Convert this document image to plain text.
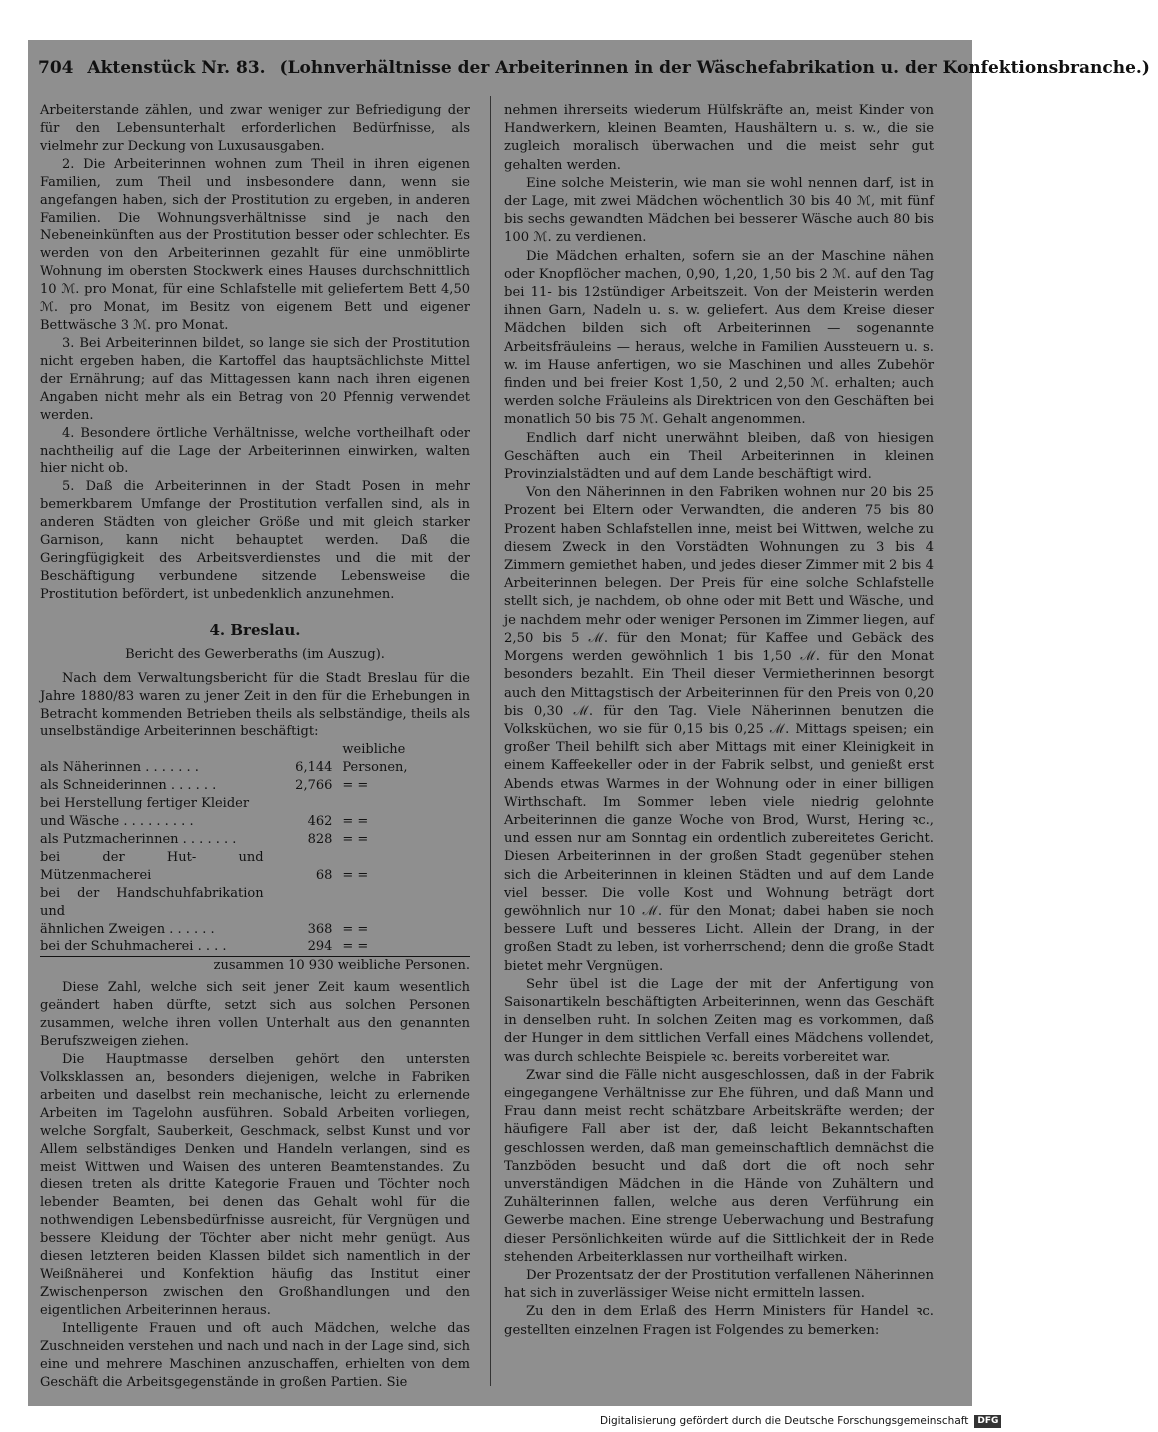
704 Aktenstück Nr. 83. (Lohnverhältnisse der Arbeiterinnen in der Wäschefabrikation u. der Konfektionsbranche.)

Arbeiterstande zählen, und zwar weniger zur Befriedigung der für den Lebensunterhalt erforderlichen Bedürfnisse, als vielmehr zur Deckung von Luxusausgaben.

2. Die Arbeiterinnen wohnen zum Theil in ihren eigenen Familien, zum Theil und insbesondere dann, wenn sie angefangen haben, sich der Prostitution zu ergeben, in anderen Familien. Die Wohnungsverhältnisse sind je nach den Nebeneinkünften aus der Prostitution besser oder schlechter. Es werden von den Arbeiterinnen gezahlt für eine unmöblirte Wohnung im obersten Stockwerk eines Hauses durchschnittlich 10 ℳ. pro Monat, für eine Schlafstelle mit geliefertem Bett 4,50 ℳ. pro Monat, im Besitz von eigenem Bett und eigener Bettwäsche 3 ℳ. pro Monat.

3. Bei Arbeiterinnen bildet, so lange sie sich der Prostitution nicht ergeben haben, die Kartoffel das hauptsächlichste Mittel der Ernährung; auf das Mittagessen kann nach ihren eigenen Angaben nicht mehr als ein Betrag von 20 Pfennig verwendet werden.

4. Besondere örtliche Verhältnisse, welche vortheilhaft oder nachtheilig auf die Lage der Arbeiterinnen einwirken, walten hier nicht ob.

5. Daß die Arbeiterinnen in der Stadt Posen in mehr bemerkbarem Umfange der Prostitution verfallen sind, als in anderen Städten von gleicher Größe und mit gleich starker Garnison, kann nicht behauptet werden. Daß die Geringfügigkeit des Arbeitsverdienstes und die mit der Beschäftigung verbundene sitzende Lebensweise die Prostitution befördert, ist unbedenklich anzunehmen.

4. Breslau.
Bericht des Gewerberaths (im Auszug).

Nach dem Verwaltungsbericht für die Stadt Breslau für die Jahre 1880/83 waren zu jener Zeit in den für die Erhebungen in Betracht kommenden Betrieben theils als selbständige, theils als unselbständige Arbeiterinnen beschäftigt:

als Näherinnen . . . . . . .	6,144	weibliche Personen,
als Schneiderinnen . . . . . .	2,766	= =
bei Herstellung fertiger Kleider		
und Wäsche . . . . . . . . .	462	= =
als Putzmacherinnen . . . . . . .	828	= =
bei der Hut- und Mützenmacherei	68	= =
bei der Handschuhfabrikation und		
ähnlichen Zweigen . . . . . .	368	= =
bei der Schuhmacherei . . . .	294	= =
zusammen 10 930 weibliche Personen.

Diese Zahl, welche sich seit jener Zeit kaum wesentlich geändert haben dürfte, setzt sich aus solchen Personen zusammen, welche ihren vollen Unterhalt aus den genannten Berufszweigen ziehen.

Die Hauptmasse derselben gehört den untersten Volksklassen an, besonders diejenigen, welche in Fabriken arbeiten und daselbst rein mechanische, leicht zu erlernende Arbeiten im Tagelohn ausführen. Sobald Arbeiten vorliegen, welche Sorgfalt, Sauberkeit, Geschmack, selbst Kunst und vor Allem selbständiges Denken und Handeln verlangen, sind es meist Wittwen und Waisen des unteren Beamtenstandes. Zu diesen treten als dritte Kategorie Frauen und Töchter noch lebender Beamten, bei denen das Gehalt wohl für die nothwendigen Lebensbedürfnisse ausreicht, für Vergnügen und bessere Kleidung der Töchter aber nicht mehr genügt. Aus diesen letzteren beiden Klassen bildet sich namentlich in der Weißnäherei und Konfektion häufig das Institut einer Zwischenperson zwischen den Großhandlungen und den eigentlichen Arbeiterinnen heraus.

Intelligente Frauen und oft auch Mädchen, welche das Zuschneiden verstehen und nach und nach in der Lage sind, sich eine und mehrere Maschinen anzuschaffen, erhielten von dem Geschäft die Arbeitsgegenstände in großen Partien. Sie

nehmen ihrerseits wiederum Hülfskräfte an, meist Kinder von Handwerkern, kleinen Beamten, Haushältern u. s. w., die sie zugleich moralisch überwachen und die meist sehr gut gehalten werden.

Eine solche Meisterin, wie man sie wohl nennen darf, ist in der Lage, mit zwei Mädchen wöchentlich 30 bis 40 ℳ, mit fünf bis sechs gewandten Mädchen bei besserer Wäsche auch 80 bis 100 ℳ. zu verdienen.

Die Mädchen erhalten, sofern sie an der Maschine nähen oder Knopflöcher machen, 0,90, 1,20, 1,50 bis 2 ℳ. auf den Tag bei 11- bis 12stündiger Arbeitszeit. Von der Meisterin werden ihnen Garn, Nadeln u. s. w. geliefert. Aus dem Kreise dieser Mädchen bilden sich oft Arbeiterinnen — sogenannte Arbeitsfräuleins — heraus, welche in Familien Aussteuern u. s. w. im Hause anfertigen, wo sie Maschinen und alles Zubehör finden und bei freier Kost 1,50, 2 und 2,50 ℳ. erhalten; auch werden solche Fräuleins als Direktricen von den Geschäften bei monatlich 50 bis 75 ℳ. Gehalt angenommen.

Endlich darf nicht unerwähnt bleiben, daß von hiesigen Geschäften auch ein Theil Arbeiterinnen in kleinen Provinzialstädten und auf dem Lande beschäftigt wird.

Von den Näherinnen in den Fabriken wohnen nur 20 bis 25 Prozent bei Eltern oder Verwandten, die anderen 75 bis 80 Prozent haben Schlafstellen inne, meist bei Wittwen, welche zu diesem Zweck in den Vorstädten Wohnungen zu 3 bis 4 Zimmern gemiethet haben, und jedes dieser Zimmer mit 2 bis 4 Arbeiterinnen belegen. Der Preis für eine solche Schlafstelle stellt sich, je nachdem, ob ohne oder mit Bett und Wäsche, und je nachdem mehr oder weniger Personen im Zimmer liegen, auf 2,50 bis 5 ℳ. für den Monat; für Kaffee und Gebäck des Morgens werden gewöhnlich 1 bis 1,50 ℳ. für den Monat besonders bezahlt. Ein Theil dieser Vermietherinnen besorgt auch den Mittagstisch der Arbeiterinnen für den Preis von 0,20 bis 0,30 ℳ. für den Tag. Viele Näherinnen benutzen die Volksküchen, wo sie für 0,15 bis 0,25 ℳ. Mittags speisen; ein großer Theil behilft sich aber Mittags mit einer Kleinigkeit in einem Kaffeekeller oder in der Fabrik selbst, und genießt erst Abends etwas Warmes in der Wohnung oder in einer billigen Wirthschaft. Im Sommer leben viele niedrig gelohnte Arbeiterinnen die ganze Woche von Brod, Wurst, Hering ꝛc., und essen nur am Sonntag ein ordentlich zubereitetes Gericht. Diesen Arbeiterinnen in der großen Stadt gegenüber stehen sich die Arbeiterinnen in kleinen Städten und auf dem Lande viel besser. Die volle Kost und Wohnung beträgt dort gewöhnlich nur 10 ℳ. für den Monat; dabei haben sie noch bessere Luft und besseres Licht. Allein der Drang, in der großen Stadt zu leben, ist vorherrschend; denn die große Stadt bietet mehr Vergnügen.

Sehr übel ist die Lage der mit der Anfertigung von Saisonartikeln beschäftigten Arbeiterinnen, wenn das Geschäft in denselben ruht. In solchen Zeiten mag es vorkommen, daß der Hunger in dem sittlichen Verfall eines Mädchens vollendet, was durch schlechte Beispiele ꝛc. bereits vorbereitet war.

Zwar sind die Fälle nicht ausgeschlossen, daß in der Fabrik eingegangene Verhältnisse zur Ehe führen, und daß Mann und Frau dann meist recht schätzbare Arbeitskräfte werden; der häufigere Fall aber ist der, daß leicht Bekanntschaften geschlossen werden, daß man gemeinschaftlich demnächst die Tanzböden besucht und daß dort die oft noch sehr unverständigen Mädchen in die Hände von Zuhältern und Zuhälterinnen fallen, welche aus deren Verführung ein Gewerbe machen. Eine strenge Ueberwachung und Bestrafung dieser Persönlichkeiten würde auf die Sittlichkeit der in Rede stehenden Arbeiterklassen nur vortheilhaft wirken.

Der Prozentsatz der der Prostitution verfallenen Näherinnen hat sich in zuverlässiger Weise nicht ermitteln lassen.

Zu den in dem Erlaß des Herrn Ministers für Handel ꝛc. gestellten einzelnen Fragen ist Folgendes zu bemerken:

Digitalisierung gefördert durch die Deutsche Forschungsgemeinschaft	DFG
